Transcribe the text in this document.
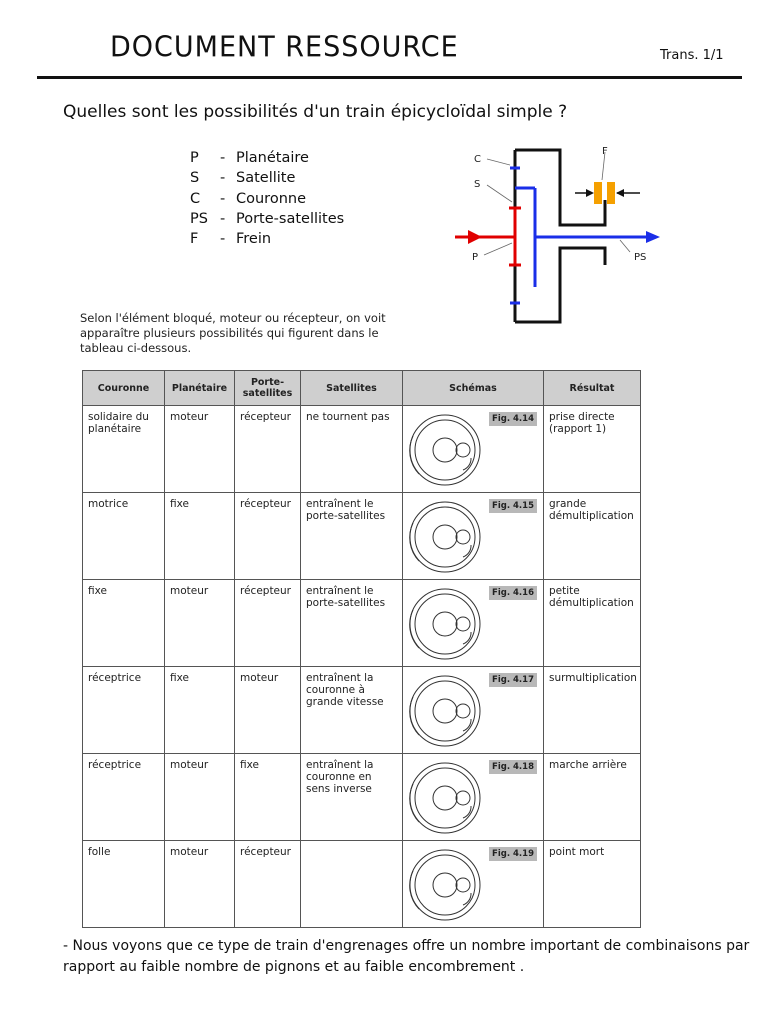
DOCUMENT RESSOURCE	Trans. 1/1
Quelles sont les possibilités d'un train épicycloïdal simple ?
P	- Planétaire
S	- Satellite
C	- Couronne
PS - Porte-satellites
F	- Frein
C
S
P
F
PS
Selon l'élément bloqué, moteur ou récepteur, on voit apparaître plusieurs possibilités qui figurent dans le tableau ci-dessous.
Couronne	Planétaire	Porte-satellites	Satellites	Schémas	Résultat
solidaire du planétaire	moteur	récepteur	ne tournent pas	Fig. 4.14	prise directe (rapport 1)
motrice	fixe	récepteur	entraînent le porte-satellites	Fig. 4.15	grande démultiplication
fixe	moteur	récepteur	entraînent le porte-satellites	Fig. 4.16	petite démultiplication
réceptrice	fixe	moteur	entraînent la couronne à grande vitesse	Fig. 4.17	surmultiplication
réceptrice	moteur	fixe	entraînent la couronne en sens inverse	Fig. 4.18	marche arrière
folle	moteur	récepteur		Fig. 4.19	point mort
- Nous voyons que ce type de train d'engrenages offre un nombre important de combinaisons par rapport au faible nombre de pignons et au faible encombrement .
